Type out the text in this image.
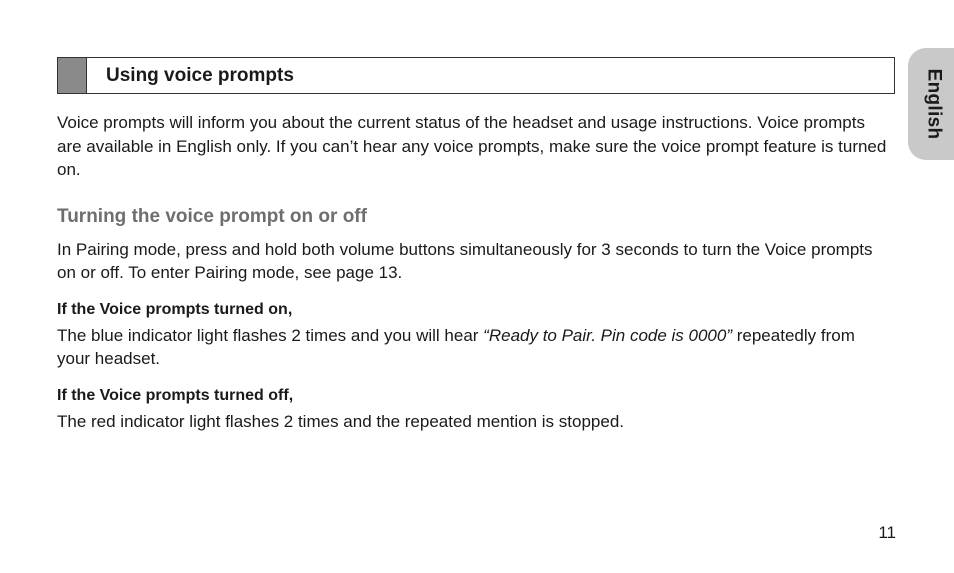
Using voice prompts	English

Voice prompts will inform you about the current status of the headset and usage instructions. Voice prompts are available in English only. If you can’t hear any voice prompts, make sure the voice prompt feature is turned on.

Turning the voice prompt on or off

In Pairing mode, press and hold both volume buttons simultaneously for 3 seconds to turn the Voice prompts on or off. To enter Pairing mode, see page 13.

If the Voice prompts turned on,

The blue indicator light flashes 2 times and you will hear “Ready to Pair. Pin code is 0000” repeatedly from your headset.

If the Voice prompts turned off,

The red indicator light flashes 2 times and the repeated mention is stopped.

11
